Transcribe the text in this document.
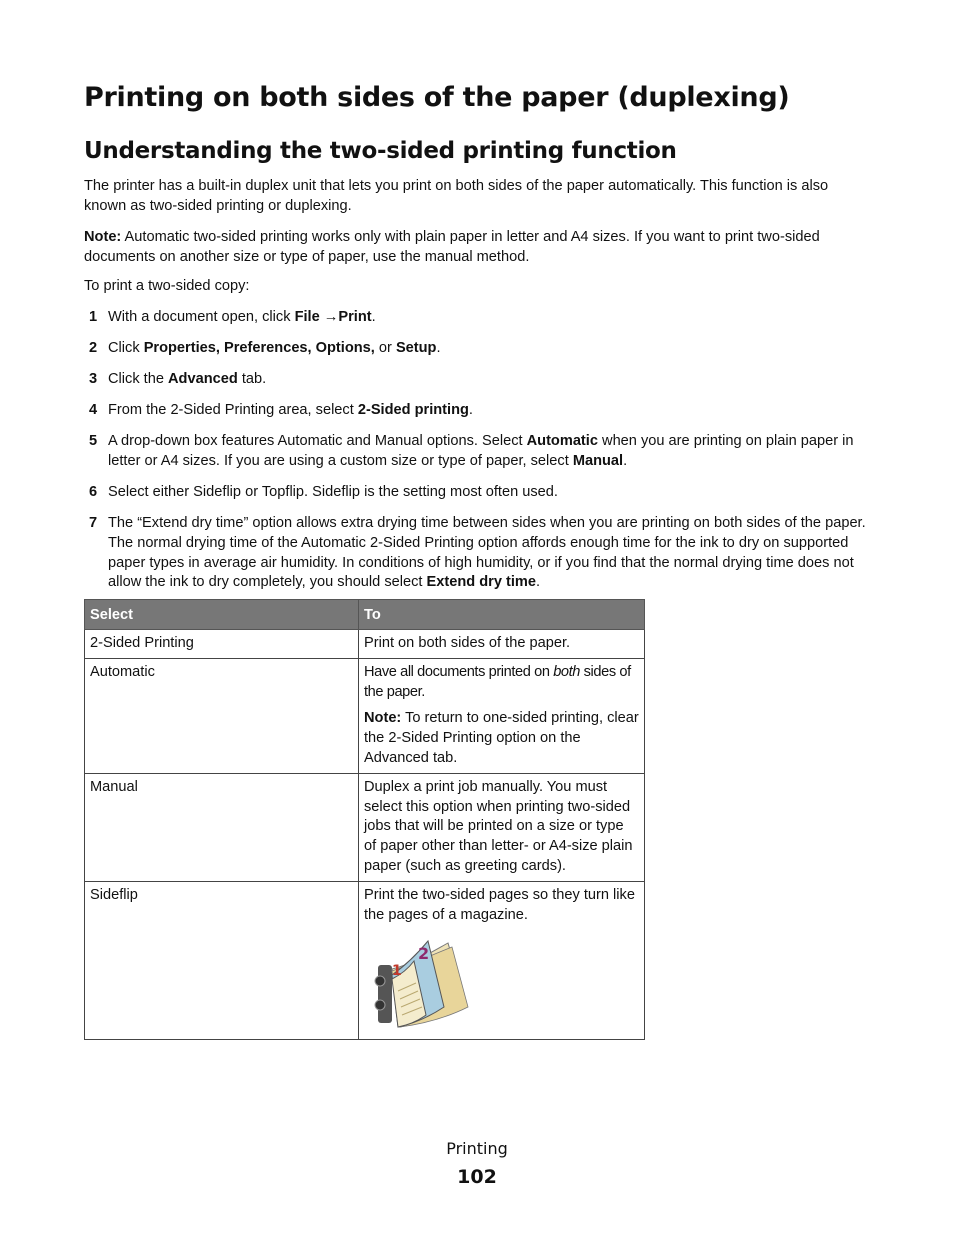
Printing on both sides of the paper (duplexing)
Understanding the two-sided printing function
The printer has a built-in duplex unit that lets you print on both sides of the paper automatically. This function is also known as two-sided printing or duplexing.
Note: Automatic two-sided printing works only with plain paper in letter and A4 sizes. If you want to print two-sided documents on another size or type of paper, use the manual method.
To print a two-sided copy:
1 With a document open, click File →Print.
2 Click Properties, Preferences, Options, or Setup.
3 Click the Advanced tab.
4 From the 2-Sided Printing area, select 2-Sided printing.
5 A drop-down box features Automatic and Manual options. Select Automatic when you are printing on plain paper in letter or A4 sizes. If you are using a custom size or type of paper, select Manual.
6 Select either Sideflip or Topflip. Sideflip is the setting most often used.
7 The “Extend dry time” option allows extra drying time between sides when you are printing on both sides of the paper. The normal drying time of the Automatic 2-Sided Printing option affords enough time for the ink to dry on supported paper types in average air humidity. In conditions of high humidity, or if you find that the normal drying time does not allow the ink to dry completely, you should select Extend dry time.
Select	To
2-Sided Printing	Print on both sides of the paper.
Automatic	Have all documents printed on both sides of the paper.

Note: To return to one-sided printing, clear the 2-Sided Printing option on the Advanced tab.

Manual	Duplex a print job manually. You must select this option when printing two-sided jobs that will be printed on a size or type of paper other than letter- or A4-size plain paper (such as greeting cards).
Sideflip	Print the two-sided pages so they turn like the pages of a magazine.

1
2
Printing
102
